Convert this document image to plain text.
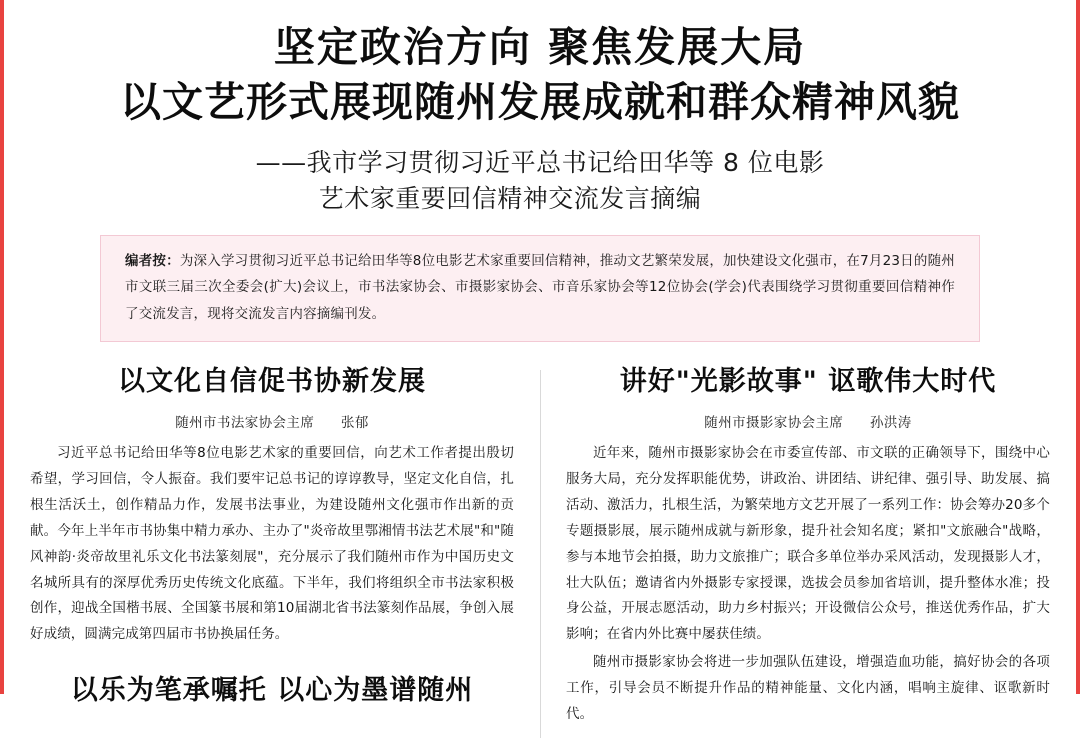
坚定政治方向 聚焦发展大局
以文艺形式展现随州发展成就和群众精神风貌
——我市学习贯彻习近平总书记给田华等 8 位电影
艺术家重要回信精神交流发言摘编

编者按：为深入学习贯彻习近平总书记给田华等8位电影艺术家重要回信精神，推动文艺繁荣发展，加快建设文化强市，在7月23日的随州市文联三届三次全委会(扩大)会议上，市书法家协会、市摄影家协会、市音乐家协会等12位协会(学会)代表围绕学习贯彻重要回信精神作了交流发言，现将交流发言内容摘编刊发。

以文化自信促书协新发展
随州市书法家协会主席 张郁

习近平总书记给田华等8位电影艺术家的重要回信，向艺术工作者提出殷切希望，学习回信，令人振奋。我们要牢记总书记的谆谆教导，坚定文化自信，扎根生活沃土，创作精品力作，发展书法事业，为建设随州文化强市作出新的贡献。今年上半年市书协集中精力承办、主办了"炎帝故里鄂湘情书法艺术展"和"随风神韵·炎帝故里礼乐文化书法篆刻展"，充分展示了我们随州市作为中国历史文名城所具有的深厚优秀历史传统文化底蕴。下半年，我们将组织全市书法家积极创作，迎战全国楷书展、全国篆书展和第10届湖北省书法篆刻作品展，争创入展好成绩，圆满完成第四届市书协换届任务。

以乐为笔承嘱托 以心为墨谱随州
讲好"光影故事" 讴歌伟大时代
随州市摄影家协会主席 孙洪涛

近年来，随州市摄影家协会在市委宣传部、市文联的正确领导下，围绕中心服务大局，充分发挥职能优势，讲政治、讲团结、讲纪律、强引导、助发展、搞活动、激活力，扎根生活，为繁荣地方文艺开展了一系列工作：协会筹办20多个专题摄影展，展示随州成就与新形象，提升社会知名度；紧扣"文旅融合"战略，参与本地节会拍摄，助力文旅推广；联合多单位举办采风活动，发现摄影人才，壮大队伍；邀请省内外摄影专家授课，选拔会员参加省培训，提升整体水准；投身公益，开展志愿活动，助力乡村振兴；开设微信公众号，推送优秀作品，扩大影响；在省内外比赛中屡获佳绩。

随州市摄影家协会将进一步加强队伍建设，增强造血功能，搞好协会的各项工作，引导会员不断提升作品的精神能量、文化内涵，唱响主旋律、讴歌新时代。
